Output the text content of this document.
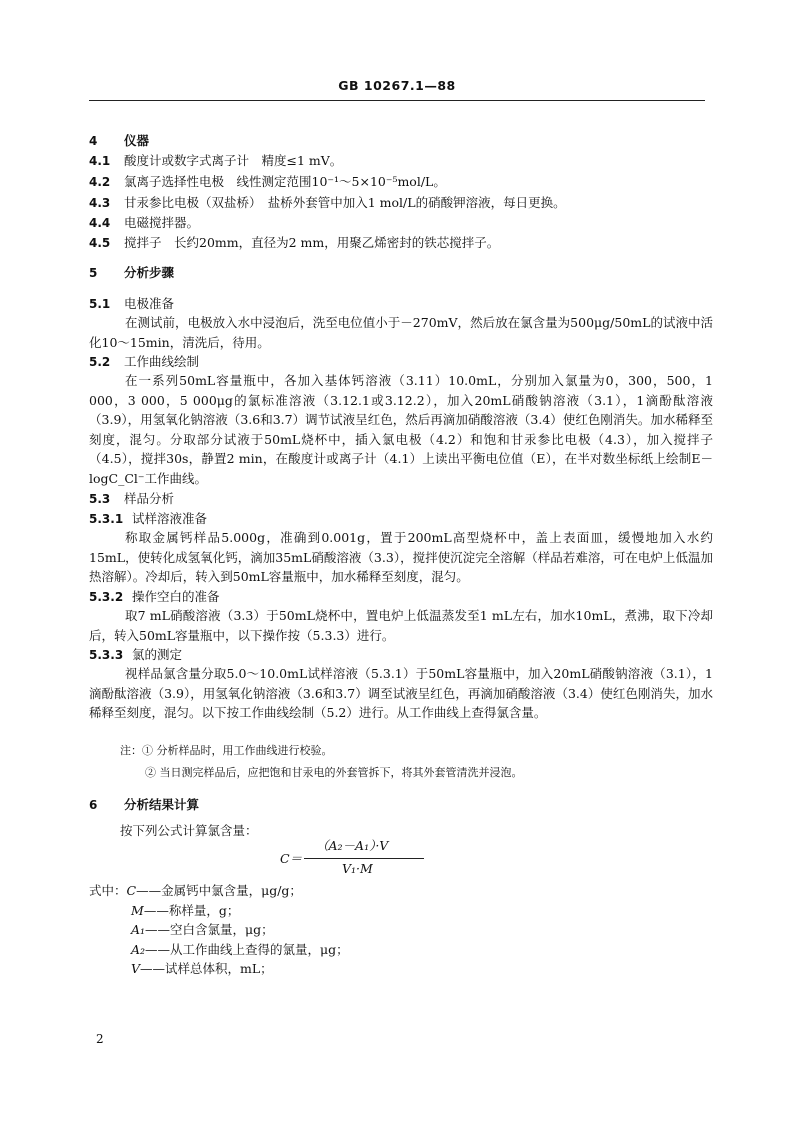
GB 10267.1—88
4 仪器
4.1 酸度计或数字式离子计　精度≤1 mV。
4.2 氯离子选择性电极　线性测定范围10⁻¹～5×10⁻⁵mol/L。
4.3 甘汞参比电极（双盐桥）　盐桥外套管中加入1 mol/L的硝酸钾溶液，每日更换。
4.4 电磁搅拌器。
4.5 搅拌子　长约20mm，直径为2 mm，用聚乙烯密封的铁芯搅拌子。
5 分析步骤
5.1 电极准备
在测试前，电极放入水中浸泡后，洗至电位值小于－270mV，然后放在氯含量为500μg/50mL的试液中活化10～15min，清洗后，待用。
5.2 工作曲线绘制
在一系列50mL容量瓶中，各加入基体钙溶液（3.11）10.0mL，分别加入氯量为0，300，500，1 000，3 000，5 000μg的氯标准溶液（3.12.1或3.12.2），加入20mL硝酸钠溶液（3.1），1滴酚酞溶液（3.9），用氢氧化钠溶液（3.6和3.7）调节试液呈红色，然后再滴加硝酸溶液（3.4）使红色刚消失。加水稀释至刻度，混匀。分取部分试液于50mL烧杯中，插入氯电极（4.2）和饱和甘汞参比电极（4.3），加入搅拌子（4.5），搅拌30s，静置2 min，在酸度计或离子计（4.1）上读出平衡电位值（E），在半对数坐标纸上绘制E－logC_Cl⁻工作曲线。
5.3 样品分析
5.3.1 试样溶液准备
称取金属钙样品5.000g，准确到0.001g，置于200mL高型烧杯中，盖上表面皿，缓慢地加入水约15mL，使转化成氢氧化钙，滴加35mL硝酸溶液（3.3），搅拌使沉淀完全溶解（样品若难溶，可在电炉上低温加热溶解）。冷却后，转入到50mL容量瓶中，加水稀释至刻度，混匀。
5.3.2 操作空白的准备
取7 mL硝酸溶液（3.3）于50mL烧杯中，置电炉上低温蒸发至1 mL左右，加水10mL，煮沸，取下冷却后，转入50mL容量瓶中，以下操作按（5.3.3）进行。
5.3.3 氯的测定
视样品氯含量分取5.0～10.0mL试样溶液（5.3.1）于50mL容量瓶中，加入20mL硝酸钠溶液（3.1），1滴酚酞溶液（3.9），用氢氧化钠溶液（3.6和3.7）调至试液呈红色，再滴加硝酸溶液（3.4）使红色刚消失，加水稀释至刻度，混匀。以下按工作曲线绘制（5.2）进行。从工作曲线上查得氯含量。
注：① 分析样品时，用工作曲线进行校验。
② 当日测完样品后，应把饱和甘汞电的外套管拆下，将其外套管清洗并浸泡。
6 分析结果计算
按下列公式计算氯含量：
C＝
（A₂－A₁）·V
V₁·M
式中：C——金属钙中氯含量，μg/g；
M——称样量，g；
A₁——空白含氯量，μg；
A₂——从工作曲线上查得的氯量，μg；
V——试样总体积，mL；
2
